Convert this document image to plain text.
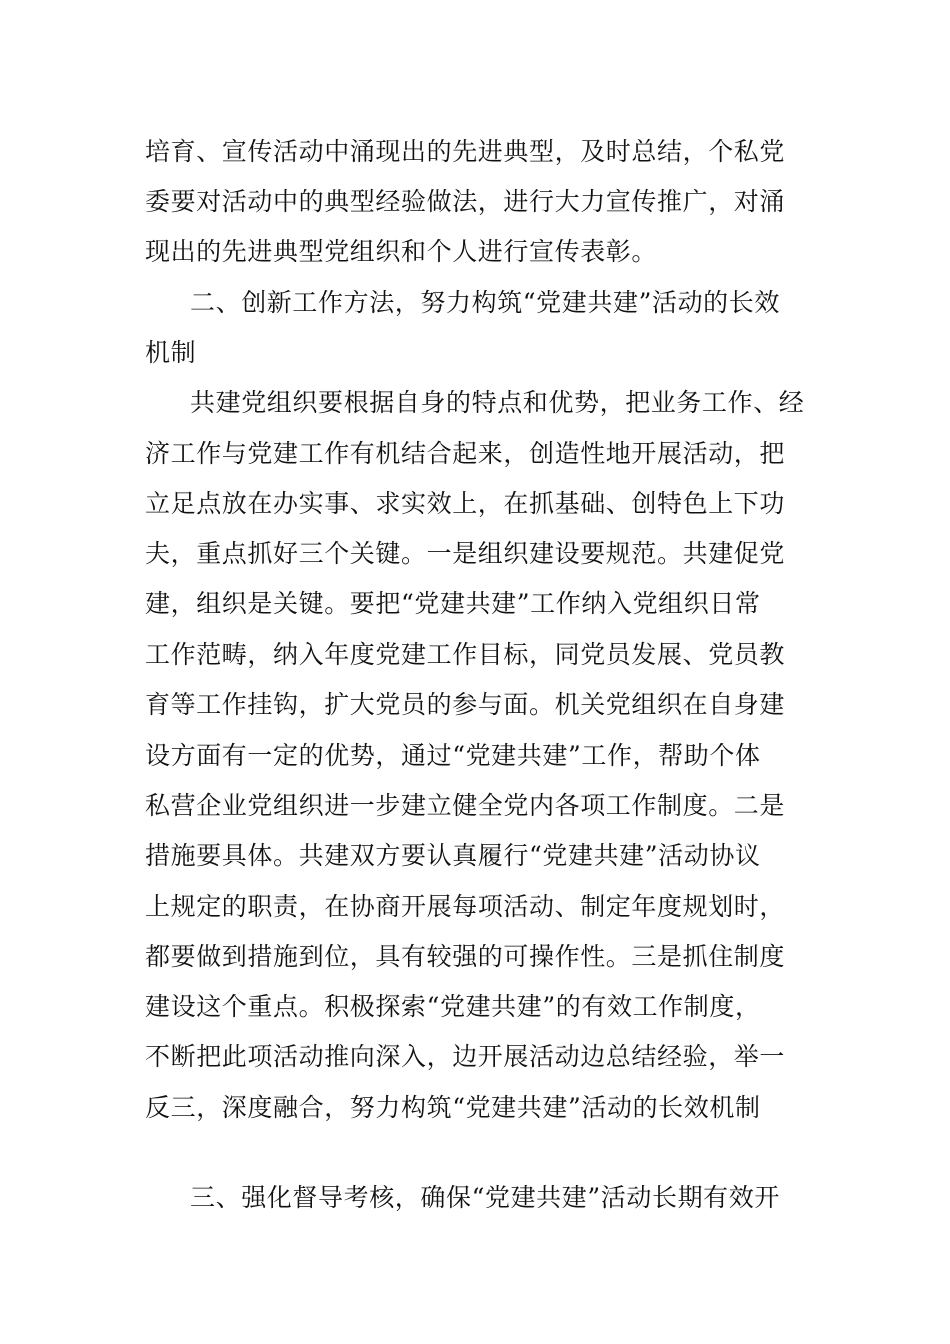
培育、宣传活动中涌现出的先进典型，及时总结，个私党
委要对活动中的典型经验做法，进行大力宣传推广，对涌
现出的先进典型党组织和个人进行宣传表彰。
二、创新工作方法，努力构筑“党建共建”活动的长效
机制
共建党组织要根据自身的特点和优势，把业务工作、经
济工作与党建工作有机结合起来，创造性地开展活动，把
立足点放在办实事、求实效上，在抓基础、创特色上下功
夫，重点抓好三个关键。一是组织建设要规范。共建促党
建，组织是关键。要把“党建共建”工作纳入党组织日常
工作范畴，纳入年度党建工作目标，同党员发展、党员教
育等工作挂钩，扩大党员的参与面。机关党组织在自身建
设方面有一定的优势，通过“党建共建”工作，帮助个体
私营企业党组织进一步建立健全党内各项工作制度。二是
措施要具体。共建双方要认真履行“党建共建”活动协议
上规定的职责，在协商开展每项活动、制定年度规划时，
都要做到措施到位，具有较强的可操作性。三是抓住制度
建设这个重点。积极探索“党建共建”的有效工作制度，
不断把此项活动推向深入，边开展活动边总结经验，举一
反三，深度融合，努力构筑“党建共建”活动的长效机制
三、强化督导考核，确保“党建共建”活动长期有效开
